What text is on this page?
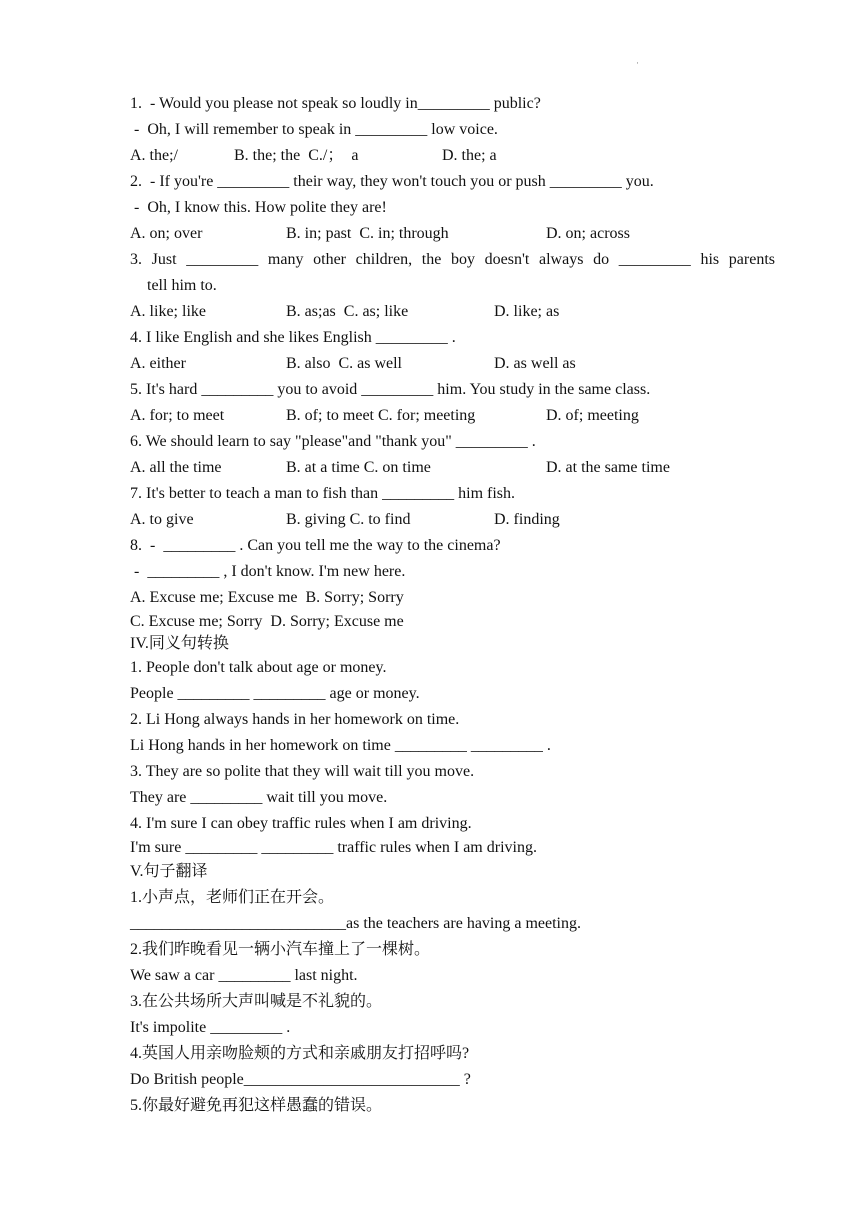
·
1.  - Would you please not speak so loudly in_________ public?
-  Oh, I will remember to speak in _________ low voice.

A. the;/

	B. the; the  C./；  a

	D. the; a

2.  - If you're _________ their way, they won't touch you or push _________ you.
-  Oh, I know this. How polite they are!

A. on; over

	B. in; past  C. in; through

	D. on; across

3. Just _________ many other children, the boy doesn't always do _________ his parents
tell him to.

A. like; like

	B. as;as  C. as; like

	D. like; as

4. I like English and she likes English _________ .

A. either

	B. also  C. as well

	D. as well as

5. It's hard _________ you to avoid _________ him. You study in the same class.

A. for; to meet

	B. of; to meet C. for; meeting

	D. of; meeting

6. We should learn to say "please"and "thank you" _________ .

A. all the time

	B. at a time C. on time

	D. at the same time

7. It's better to teach a man to fish than _________ him fish.

A. to give

	B. giving C. to find

	D. finding

8.  -  _________ . Can you tell me the way to the cinema?
-  _________ , I don't know. I'm new here.
A. Excuse me; Excuse me  B. Sorry; Sorry
C. Excuse me; Sorry  D. Sorry; Excuse me
IV.同义句转换
1. People don't talk about age or money.
People _________ _________ age or money.
2. Li Hong always hands in her homework on time.
Li Hong hands in her homework on time _________ _________ .
3. They are so polite that they will wait till you move.
They are _________ wait till you move.
4. I'm sure I can obey traffic rules when I am driving.
I'm sure _________ _________ traffic rules when I am driving.
V.句子翻译
1.小声点，老师们正在开会。
___________________________as the teachers are having a meeting.
2.我们昨晚看见一辆小汽车撞上了一棵树。
We saw a car _________ last night.
3.在公共场所大声叫喊是不礼貌的。
It's impolite _________ .
4.英国人用亲吻脸颊的方式和亲戚朋友打招呼吗?
Do British people___________________________ ?
5.你最好避免再犯这样愚蠢的错误。
